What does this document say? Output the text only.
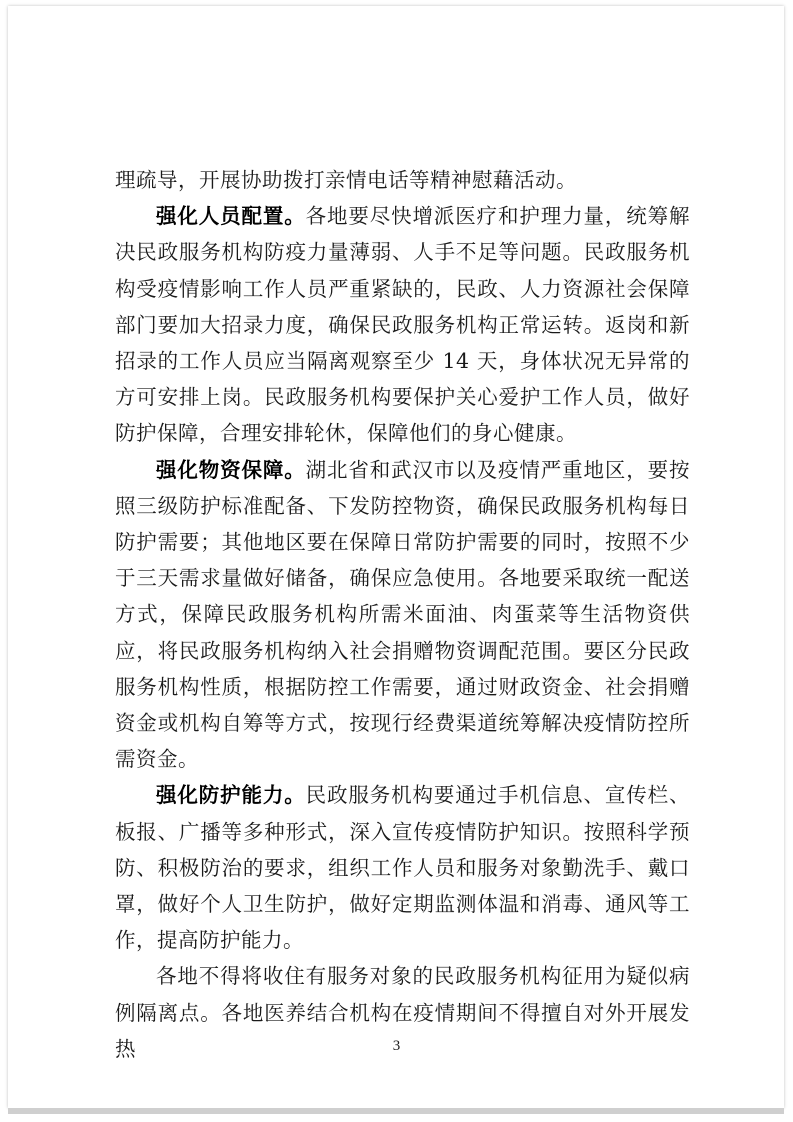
理疏导，开展协助拨打亲情电话等精神慰藉活动。

强化人员配置。各地要尽快增派医疗和护理力量，统筹解决民政服务机构防疫力量薄弱、人手不足等问题。民政服务机构受疫情影响工作人员严重紧缺的，民政、人力资源社会保障部门要加大招录力度，确保民政服务机构正常运转。返岗和新招录的工作人员应当隔离观察至少 14 天，身体状况无异常的方可安排上岗。民政服务机构要保护关心爱护工作人员，做好防护保障，合理安排轮休，保障他们的身心健康。

强化物资保障。湖北省和武汉市以及疫情严重地区，要按照三级防护标准配备、下发防控物资，确保民政服务机构每日防护需要；其他地区要在保障日常防护需要的同时，按照不少于三天需求量做好储备，确保应急使用。各地要采取统一配送方式，保障民政服务机构所需米面油、肉蛋菜等生活物资供应，将民政服务机构纳入社会捐赠物资调配范围。要区分民政服务机构性质，根据防控工作需要，通过财政资金、社会捐赠资金或机构自筹等方式，按现行经费渠道统筹解决疫情防控所需资金。

强化防护能力。民政服务机构要通过手机信息、宣传栏、板报、广播等多种形式，深入宣传疫情防护知识。按照科学预防、积极防治的要求，组织工作人员和服务对象勤洗手、戴口罩，做好个人卫生防护，做好定期监测体温和消毒、通风等工作，提高防护能力。

各地不得将收住有服务对象的民政服务机构征用为疑似病例隔离点。各地医养结合机构在疫情期间不得擅自对外开展发热	3
